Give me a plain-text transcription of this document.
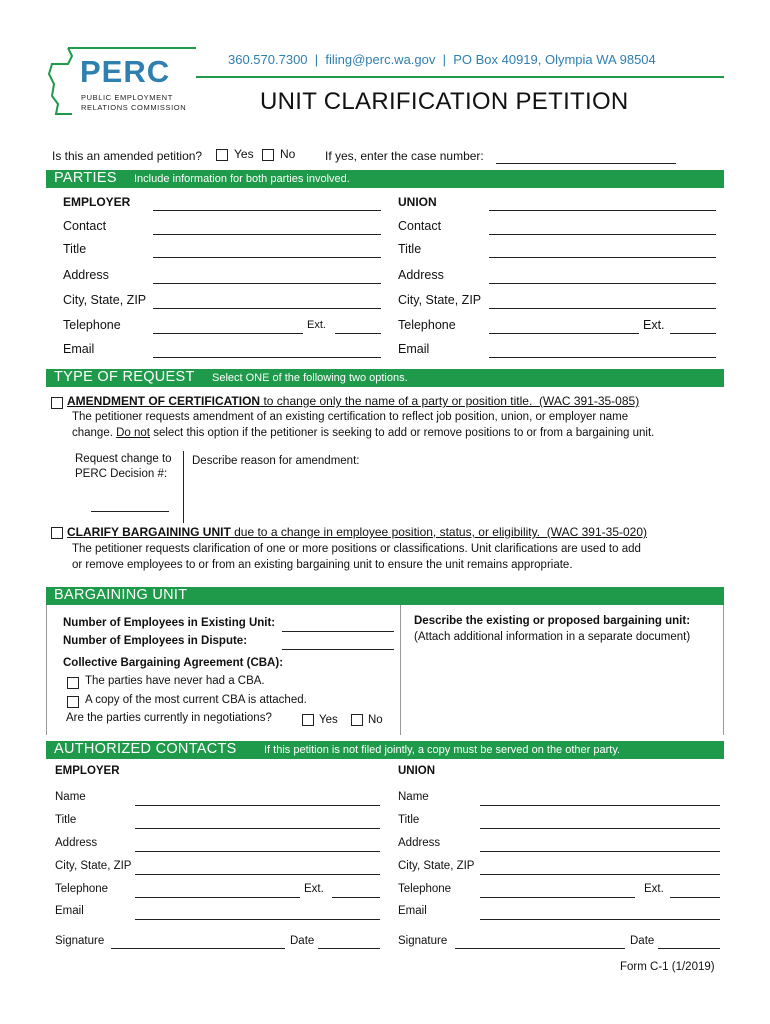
PERC
PUBLIC EMPLOYMENT
RELATIONS COMMISSION
360.570.7300  |  filing@perc.wa.gov  |  PO Box 40919, Olympia WA 98504
UNIT CLARIFICATION PETITION
Is this an amended petition?	Yes No If yes, enter the case number:
PARTIES Include information for both parties involved.
EMPLOYER	UNION
Contact	Contact
Title	Title
Address	Address
City, State, ZIP	City, State, ZIP
Telephone	Ext.	Telephone	Ext.
Email	Email
TYPE OF REQUEST Select ONE of the following two options.
AMENDMENT OF CERTIFICATION to change only the name of a party or position title.  (WAC 391-35-085)
The petitioner requests amendment of an existing certification to reflect job position, union, or employer name
change. Do not select this option if the petitioner is seeking to add or remove positions to or from a bargaining unit.
Request change to
PERC Decision #:
Describe reason for amendment:
CLARIFY BARGAINING UNIT due to a change in employee position, status, or eligibility.  (WAC 391-35-020)
The petitioner requests clarification of one or more positions or classifications. Unit clarifications are used to add
or remove employees to or from an existing bargaining unit to ensure the unit remains appropriate.
BARGAINING UNIT
Number of Employees in Existing Unit:
Number of Employees in Dispute:
Collective Bargaining Agreement (CBA):
The parties have never had a CBA.
A copy of the most current CBA is attached.
Are the parties currently in negotiations?	Yes	No
Describe the existing or proposed bargaining unit:
(Attach additional information in a separate document)
AUTHORIZED CONTACTS If this petition is not filed jointly, a copy must be served on the other party.
EMPLOYER	UNION
Name	Name
Title	Title
Address	Address
City, State, ZIP	City, State, ZIP
Telephone	Ext.	Telephone	Ext.
Email	Email
Signature	Date	Signature	Date
Form C-1 (1/2019)
